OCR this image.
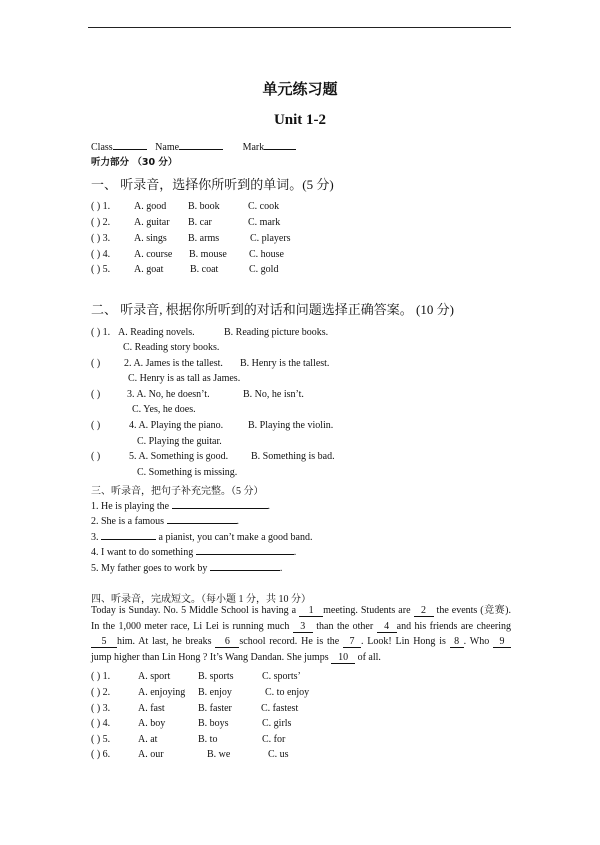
单元练习题
Unit 1-2
Class	Name	Mark
听力部分 （30 分）
一、 听录音，选择你所听到的单词。(5 分)
( ) 1. A. good B. book	C. cook
( ) 2. A. guitar B. car	C. mark
( ) 3. A. sings B. arms	C. players
( ) 4. A. course B. mouse C. house
( ) 5. A. goat	B. coat	C. gold
二、 听录音, 根据你所听到的对话和问题选择正确答案。 (10 分)
( ) 1. A. Reading novels.	B. Reading picture books.
C. Reading story books.
( ) 2. A. James is the tallest. B. Henry is the tallest.
C. Henry is as tall as James.
( )	3. A. No, he doesn’t.	B. No, he isn’t.
C. Yes, he does.
( )	4. A. Playing the piano. B. Playing the violin.
C. Playing the guitar.
( )	5. A. Something is good. B. Something is bad.
C. Something is missing.
三、听录音，把句子补充完整。（5 分）
1. He is playing the	.
2. She is a famous	.
3.	a pianist, you can’t make a good band.
4. I want to do something	.
5. My father goes to work by	.
四、听录音，完成短文。（每小题 1 分，共 10 分）
Today is Sunday. No. 5 Middle School is having a 1 meeting. Students are 2 the events (竞赛). In the 1,000 meter race, Li Lei is running much 3 than the other 4 and his friends are cheering5 him. At last, he breaks 6 school record. He is the 7 . Look! Lin Hong is 8 . Who 9 jump higher than Lin Hong ? It’s Wang Dandan. She jumps 10 of all.
( ) 1.	A. sport	B. sports	C. sports’
( ) 2.	A. enjoying B. enjoy	C. to enjoy
( ) 3.	A. fast	B. faster	C. fastest
( ) 4.	A. boy	B. boys	C. girls
( ) 5.	A. at	B. to	C. for
( ) 6.	A. our	B. we	C. us
